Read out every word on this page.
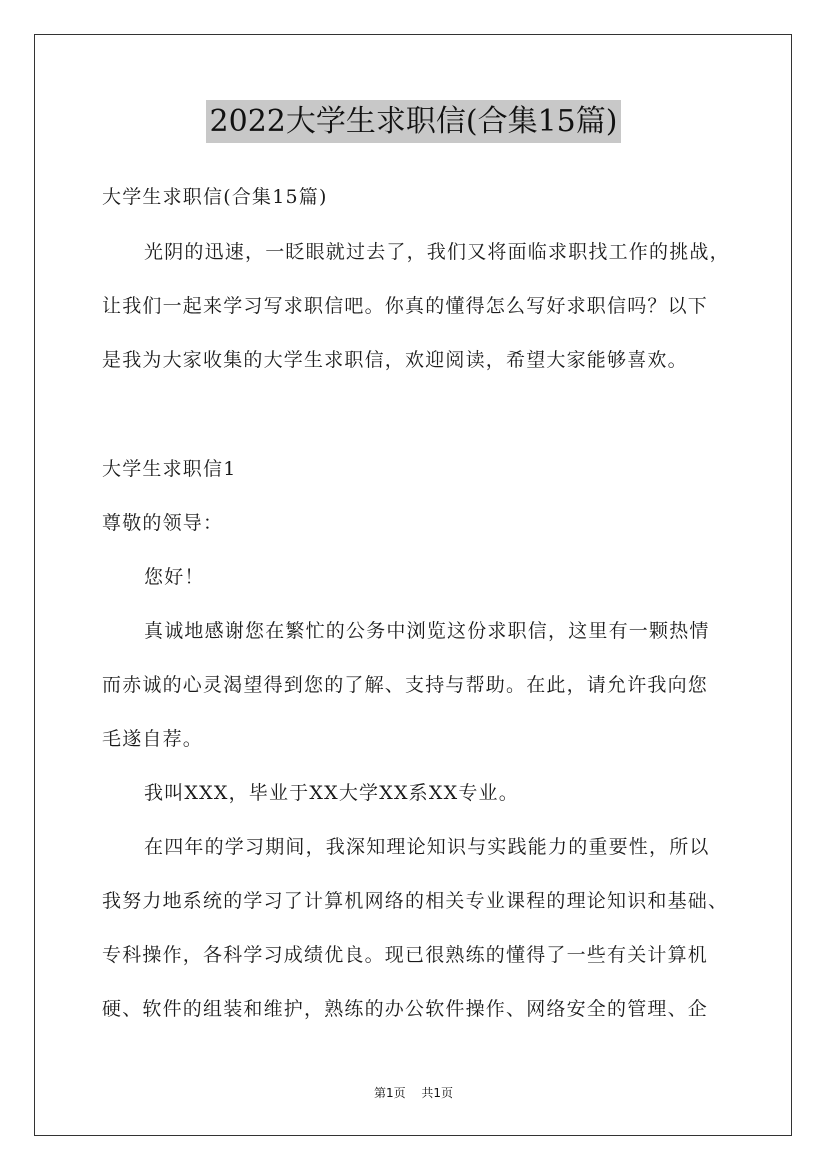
2022大学生求职信(合集15篇)
大学生求职信(合集15篇)
光阴的迅速，一眨眼就过去了，我们又将面临求职找工作的挑战，
让我们一起来学习写求职信吧。你真的懂得怎么写好求职信吗？以下
是我为大家收集的大学生求职信，欢迎阅读，希望大家能够喜欢。
大学生求职信1
尊敬的领导：
您好！
真诚地感谢您在繁忙的公务中浏览这份求职信，这里有一颗热情
而赤诚的心灵渴望得到您的了解、支持与帮助。在此，请允许我向您
毛遂自荐。
我叫XXX，毕业于XX大学XX系XX专业。
在四年的学习期间，我深知理论知识与实践能力的重要性，所以
我努力地系统的学习了计算机网络的相关专业课程的理论知识和基础、
专科操作，各科学习成绩优良。现已很熟练的懂得了一些有关计算机
硬、软件的组装和维护，熟练的办公软件操作、网络安全的管理、企
第1页 共1页
